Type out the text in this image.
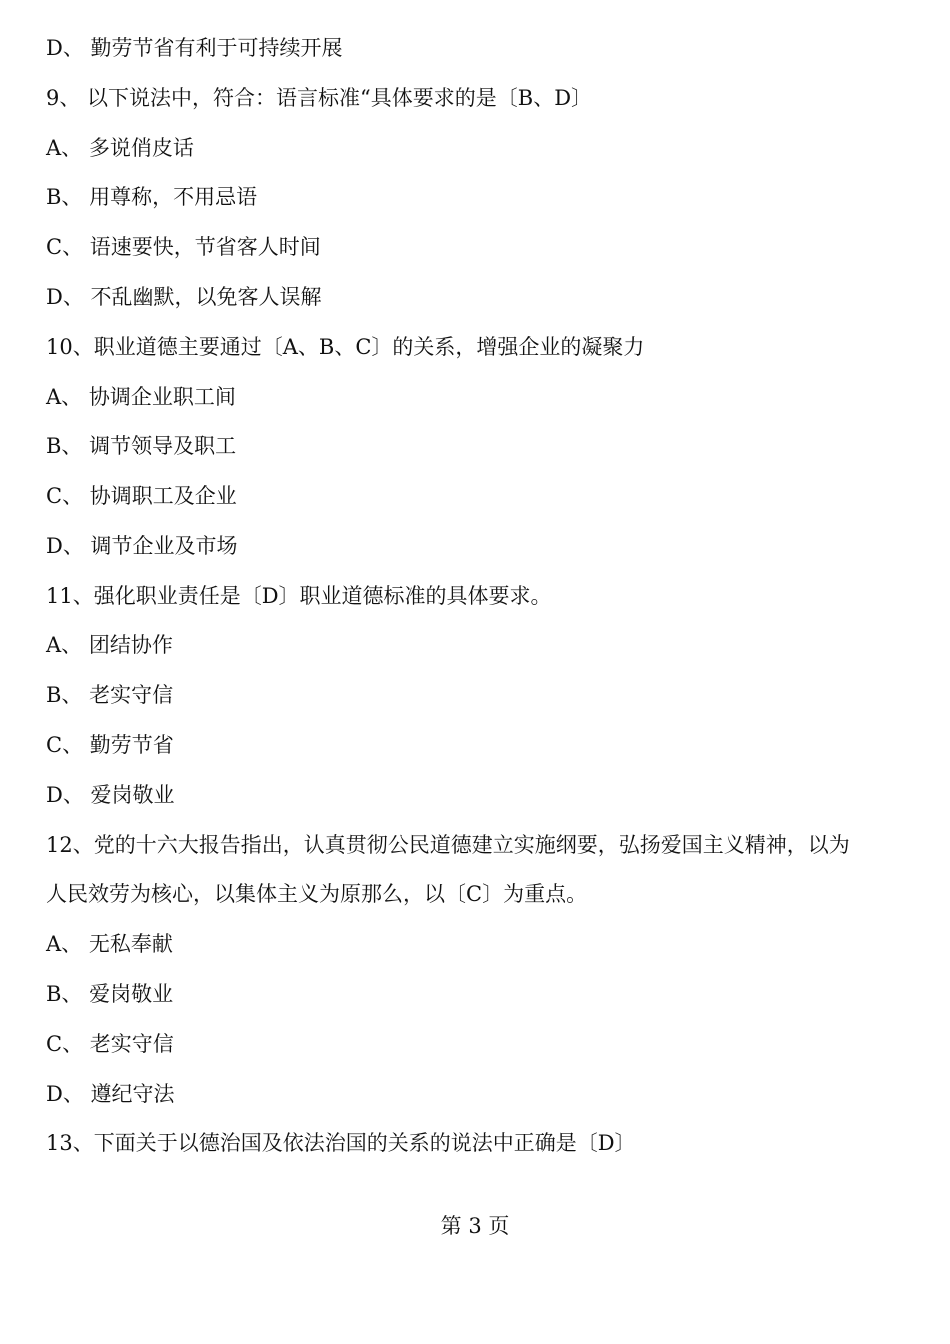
D、 勤劳节省有利于可持续开展
9、 以下说法中，符合：语言标准“具体要求的是〔B、D〕
A、 多说俏皮话
B、 用尊称，不用忌语
C、 语速要快，节省客人时间
D、 不乱幽默，以免客人误解
10、职业道德主要通过〔A、B、C〕的关系，增强企业的凝聚力
A、 协调企业职工间
B、 调节领导及职工
C、 协调职工及企业
D、 调节企业及市场
11、强化职业责任是〔D〕职业道德标准的具体要求。
A、 团结协作
B、 老实守信
C、 勤劳节省
D、 爱岗敬业
12、党的十六大报告指出，认真贯彻公民道德建立实施纲要，弘扬爱国主义精神，以为
人民效劳为核心，以集体主义为原那么，以〔C〕为重点。
A、 无私奉献
B、 爱岗敬业
C、 老实守信
D、 遵纪守法
13、下面关于以德治国及依法治国的关系的说法中正确是〔D〕
第 3 页
